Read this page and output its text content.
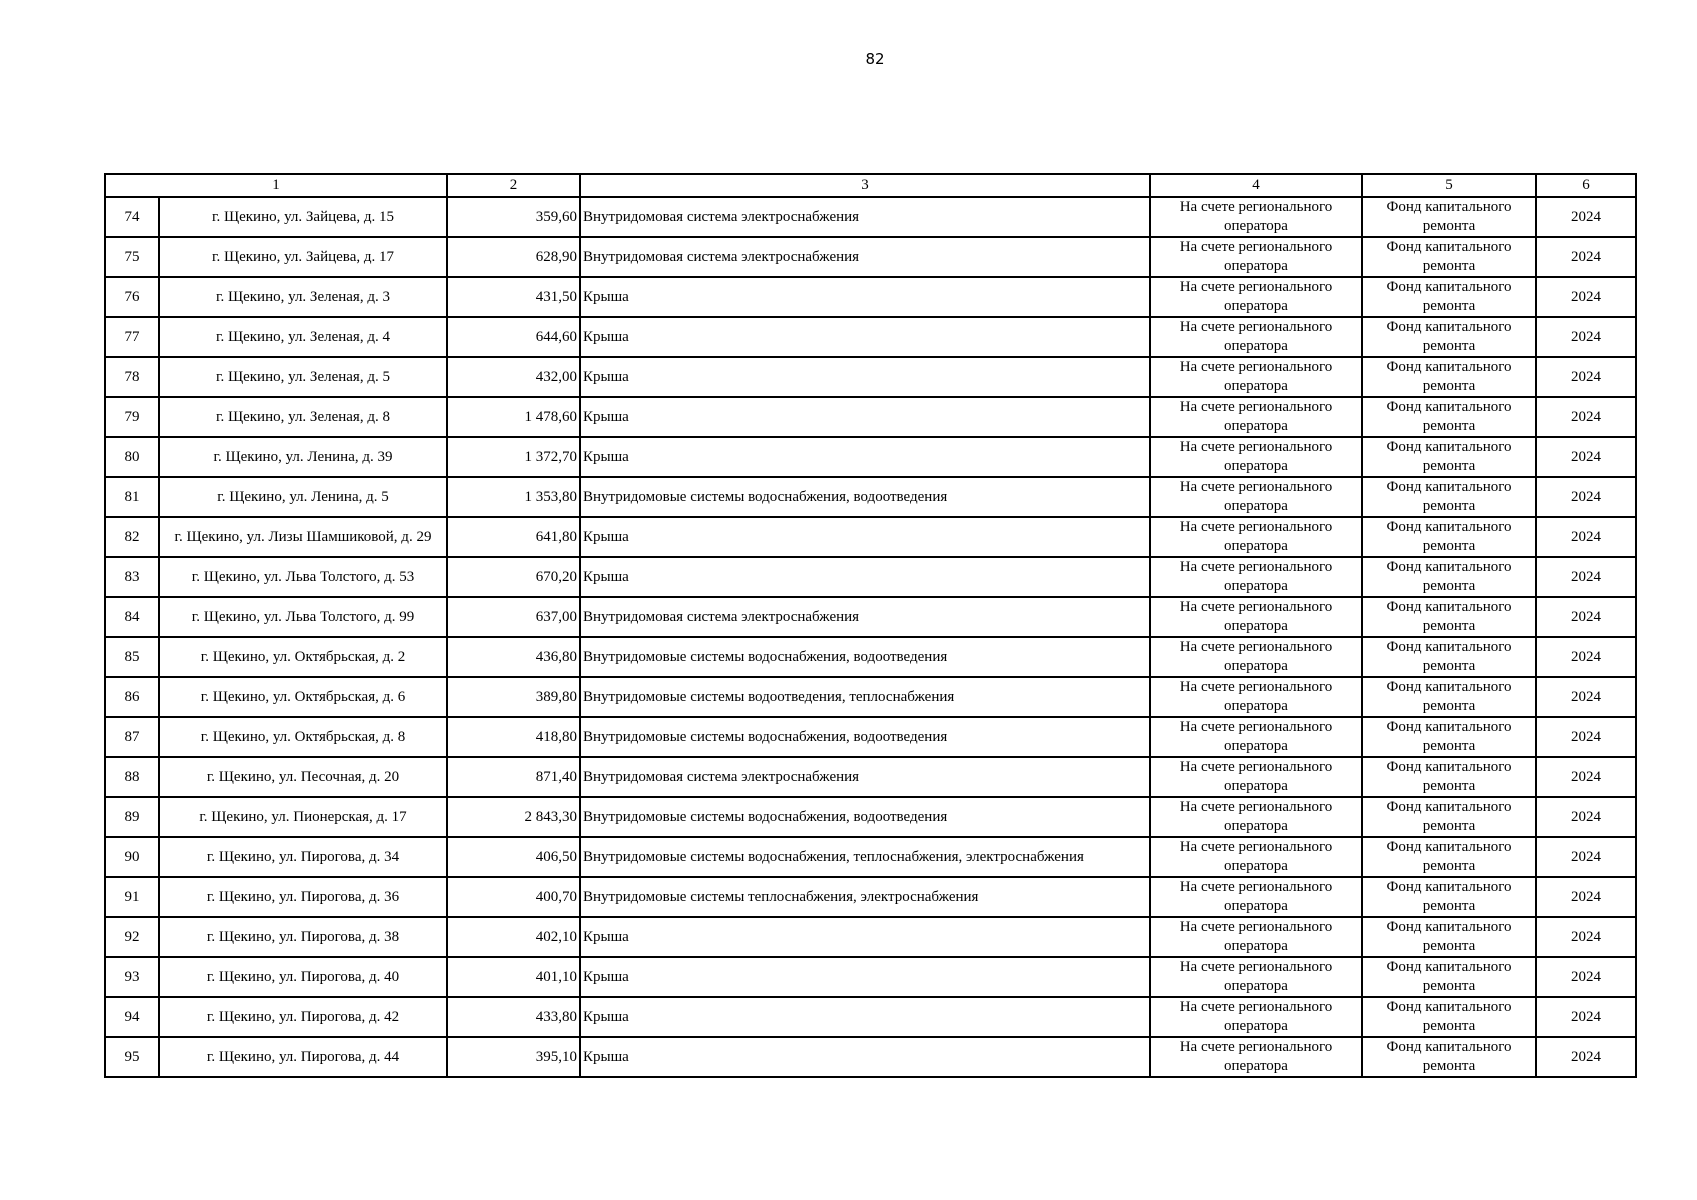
82
1		2	3	4	5	6
74	г. Щекино, ул. Зайцева, д. 15	359,60	Внутридомовая система электроснабжения	На счете регионального оператора	Фонд капитального ремонта	2024
75	г. Щекино, ул. Зайцева, д. 17	628,90	Внутридомовая система электроснабжения	На счете регионального оператора	Фонд капитального ремонта	2024
76	г. Щекино, ул. Зеленая, д. 3	431,50	Крыша	На счете регионального оператора	Фонд капитального ремонта	2024
77	г. Щекино, ул. Зеленая, д. 4	644,60	Крыша	На счете регионального оператора	Фонд капитального ремонта	2024
78	г. Щекино, ул. Зеленая, д. 5	432,00	Крыша	На счете регионального оператора	Фонд капитального ремонта	2024
79	г. Щекино, ул. Зеленая, д. 8	1 478,60	Крыша	На счете регионального оператора	Фонд капитального ремонта	2024
80	г. Щекино, ул. Ленина, д. 39	1 372,70	Крыша	На счете регионального оператора	Фонд капитального ремонта	2024
81	г. Щекино, ул. Ленина, д. 5	1 353,80	Внутридомовые системы водоснабжения, водоотведения	На счете регионального оператора	Фонд капитального ремонта	2024
82	г. Щекино, ул. Лизы Шамшиковой, д. 29	641,80	Крыша	На счете регионального оператора	Фонд капитального ремонта	2024
83	г. Щекино, ул. Льва Толстого, д. 53	670,20	Крыша	На счете регионального оператора	Фонд капитального ремонта	2024
84	г. Щекино, ул. Льва Толстого, д. 99	637,00	Внутридомовая система электроснабжения	На счете регионального оператора	Фонд капитального ремонта	2024
85	г. Щекино, ул. Октябрьская, д. 2	436,80	Внутридомовые системы водоснабжения, водоотведения	На счете регионального оператора	Фонд капитального ремонта	2024
86	г. Щекино, ул. Октябрьская, д. 6	389,80	Внутридомовые системы водоотведения, теплоснабжения	На счете регионального оператора	Фонд капитального ремонта	2024
87	г. Щекино, ул. Октябрьская, д. 8	418,80	Внутридомовые системы водоснабжения, водоотведения	На счете регионального оператора	Фонд капитального ремонта	2024
88	г. Щекино, ул. Песочная, д. 20	871,40	Внутридомовая система электроснабжения	На счете регионального оператора	Фонд капитального ремонта	2024
89	г. Щекино, ул. Пионерская, д. 17	2 843,30	Внутридомовые системы водоснабжения, водоотведения	На счете регионального оператора	Фонд капитального ремонта	2024
90	г. Щекино, ул. Пирогова, д. 34	406,50	Внутридомовые системы водоснабжения, теплоснабжения, электроснабжения	На счете регионального оператора	Фонд капитального ремонта	2024
91	г. Щекино, ул. Пирогова, д. 36	400,70	Внутридомовые системы теплоснабжения, электроснабжения	На счете регионального оператора	Фонд капитального ремонта	2024
92	г. Щекино, ул. Пирогова, д. 38	402,10	Крыша	На счете регионального оператора	Фонд капитального ремонта	2024
93	г. Щекино, ул. Пирогова, д. 40	401,10	Крыша	На счете регионального оператора	Фонд капитального ремонта	2024
94	г. Щекино, ул. Пирогова, д. 42	433,80	Крыша	На счете регионального оператора	Фонд капитального ремонта	2024
95	г. Щекино, ул. Пирогова, д. 44	395,10	Крыша	На счете регионального оператора	Фонд капитального ремонта	2024
